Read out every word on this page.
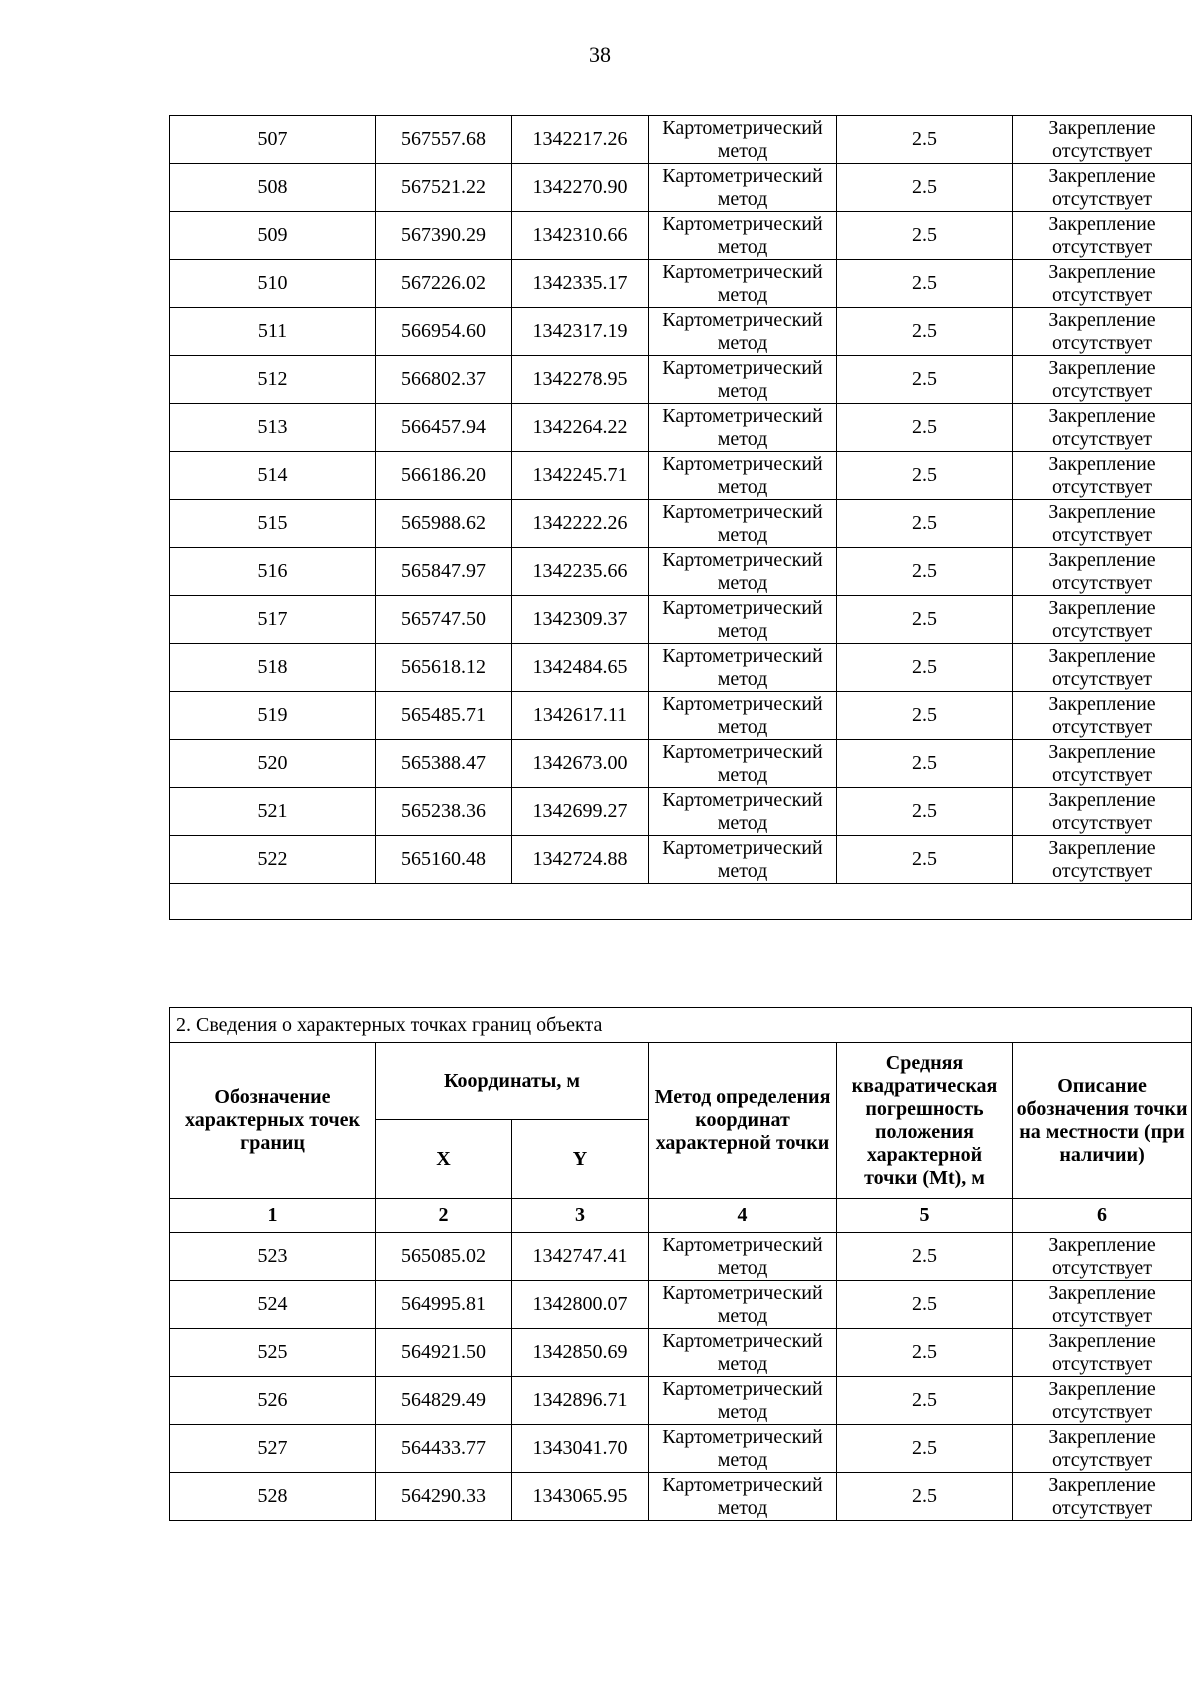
38
507	567557.68	1342217.26	Картометрический метод	2.5	Закрепление отсутствует
508	567521.22	1342270.90	Картометрический метод	2.5	Закрепление отсутствует
509	567390.29	1342310.66	Картометрический метод	2.5	Закрепление отсутствует
510	567226.02	1342335.17	Картометрический метод	2.5	Закрепление отсутствует
511	566954.60	1342317.19	Картометрический метод	2.5	Закрепление отсутствует
512	566802.37	1342278.95	Картометрический метод	2.5	Закрепление отсутствует
513	566457.94	1342264.22	Картометрический метод	2.5	Закрепление отсутствует
514	566186.20	1342245.71	Картометрический метод	2.5	Закрепление отсутствует
515	565988.62	1342222.26	Картометрический метод	2.5	Закрепление отсутствует
516	565847.97	1342235.66	Картометрический метод	2.5	Закрепление отсутствует
517	565747.50	1342309.37	Картометрический метод	2.5	Закрепление отсутствует
518	565618.12	1342484.65	Картометрический метод	2.5	Закрепление отсутствует
519	565485.71	1342617.11	Картометрический метод	2.5	Закрепление отсутствует
520	565388.47	1342673.00	Картометрический метод	2.5	Закрепление отсутствует
521	565238.36	1342699.27	Картометрический метод	2.5	Закрепление отсутствует
522	565160.48	1342724.88	Картометрический метод	2.5	Закрепление отсутствует

2. Сведения о характерных точках границ объекта					
Обозначение характерных точек границ	Координаты, м		Метод определения координат характерной точки	Средняя квадратическая погрешность положения характерной точки (Mt), м	Описание обозначения точки на местности (при наличии)
	X	Y			
1	2	3	4	5	6
523	565085.02	1342747.41	Картометрический метод	2.5	Закрепление отсутствует
524	564995.81	1342800.07	Картометрический метод	2.5	Закрепление отсутствует
525	564921.50	1342850.69	Картометрический метод	2.5	Закрепление отсутствует
526	564829.49	1342896.71	Картометрический метод	2.5	Закрепление отсутствует
527	564433.77	1343041.70	Картометрический метод	2.5	Закрепление отсутствует
528	564290.33	1343065.95	Картометрический метод	2.5	Закрепление отсутствует
